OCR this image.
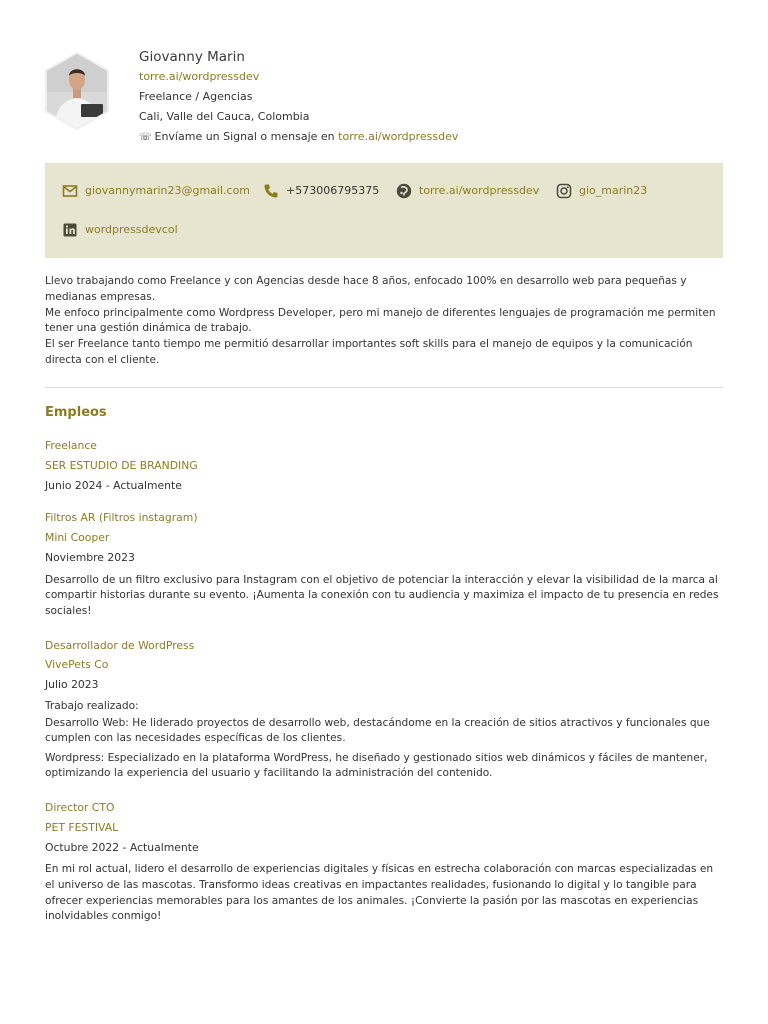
Giovanny Marin
torre.ai/wordpressdev
Freelance / Agencias
Cali, Valle del Cauca, Colombia
☏ Envíame un Signal o mensaje en torre.ai/wordpressdev
giovannymarin23@gmail.com	+573006795375	torre.ai/wordpressdev	gio_marin23
wordpressdevcol

Llevo trabajando como Freelance y con Agencias desde hace 8 años, enfocado 100% en desarrollo web para pequeñas y medianas empresas.

Me enfoco principalmente como Wordpress Developer, pero mi manejo de diferentes lenguajes de programación me permiten tener una gestión dinámica de trabajo.

El ser Freelance tanto tiempo me permitió desarrollar importantes soft skills para el manejo de equipos y la comunicación directa con el cliente.

Empleos
Freelance
SER ESTUDIO DE BRANDING
Junio 2024 - Actualmente
Filtros AR (Filtros instagram)
Mini Cooper
Noviembre 2023

Desarrollo de un filtro exclusivo para Instagram con el objetivo de potenciar la interacción y elevar la visibilidad de la marca al compartir historias durante su evento. ¡Aumenta la conexión con tu audiencia y maximiza el impacto de tu presencia en redes sociales!

Desarrollador de WordPress
VivePets Co
Julio 2023

Trabajo realizado:

Desarrollo Web: He liderado proyectos de desarrollo web, destacándome en la creación de sitios atractivos y funcionales que cumplen con las necesidades específicas de los clientes.

Wordpress: Especializado en la plataforma WordPress, he diseñado y gestionado sitios web dinámicos y fáciles de mantener, optimizando la experiencia del usuario y facilitando la administración del contenido.

Director CTO
PET FESTIVAL
Octubre 2022 - Actualmente

En mi rol actual, lidero el desarrollo de experiencias digitales y físicas en estrecha colaboración con marcas especializadas en el universo de las mascotas. Transformo ideas creativas en impactantes realidades, fusionando lo digital y lo tangible para ofrecer experiencias memorables para los amantes de los animales. ¡Convierte la pasión por las mascotas en experiencias inolvidables conmigo!
